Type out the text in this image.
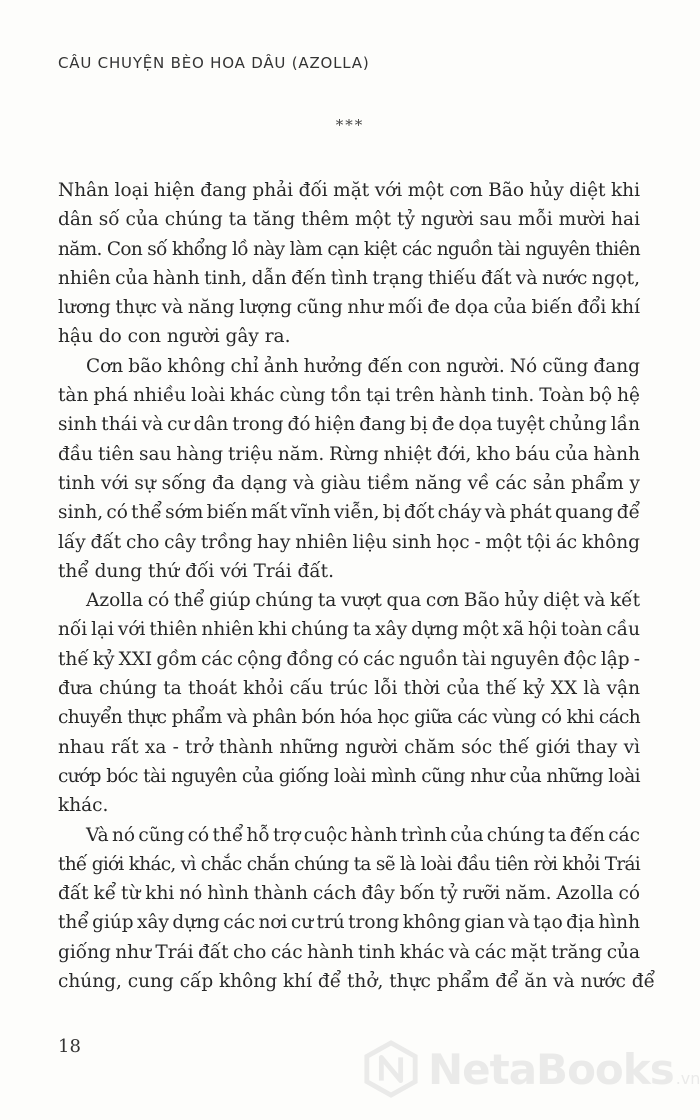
CÂU CHUYỆN BÈO HOA DÂU (AZOLLA)
***

Nhân loại hiện đang phải đối mặt với một cơn Bão hủy diệt khi
dân số của chúng ta tăng thêm một tỷ người sau mỗi mười hai
năm. Con số khổng lồ này làm cạn kiệt các nguồn tài nguyên thiên
nhiên của hành tinh, dẫn đến tình trạng thiếu đất và nước ngọt,
lương thực và năng lượng cũng như mối đe dọa của biến đổi khí
hậu do con người gây ra.

Cơn bão không chỉ ảnh hưởng đến con người. Nó cũng đang
tàn phá nhiều loài khác cùng tồn tại trên hành tinh. Toàn bộ hệ
sinh thái và cư dân trong đó hiện đang bị đe dọa tuyệt chủng lần
đầu tiên sau hàng triệu năm. Rừng nhiệt đới, kho báu của hành
tinh với sự sống đa dạng và giàu tiềm năng về các sản phẩm y
sinh, có thể sớm biến mất vĩnh viễn, bị đốt cháy và phát quang để
lấy đất cho cây trồng hay nhiên liệu sinh học - một tội ác không
thể dung thứ đối với Trái đất.

Azolla có thể giúp chúng ta vượt qua cơn Bão hủy diệt và kết
nối lại với thiên nhiên khi chúng ta xây dựng một xã hội toàn cầu
thế kỷ XXI gồm các cộng đồng có các nguồn tài nguyên độc lập -
đưa chúng ta thoát khỏi cấu trúc lỗi thời của thế kỷ XX là vận
chuyển thực phẩm và phân bón hóa học giữa các vùng có khi cách
nhau rất xa - trở thành những người chăm sóc thế giới thay vì
cướp bóc tài nguyên của giống loài mình cũng như của những loài
khác.

Và nó cũng có thể hỗ trợ cuộc hành trình của chúng ta đến các
thế giới khác, vì chắc chắn chúng ta sẽ là loài đầu tiên rời khỏi Trái
đất kể từ khi nó hình thành cách đây bốn tỷ rưỡi năm. Azolla có
thể giúp xây dựng các nơi cư trú trong không gian và tạo địa hình
giống như Trái đất cho các hành tinh khác và các mặt trăng của
chúng, cung cấp không khí để thở, thực phẩm để ăn và nước để

18	NetaBooks .vn
